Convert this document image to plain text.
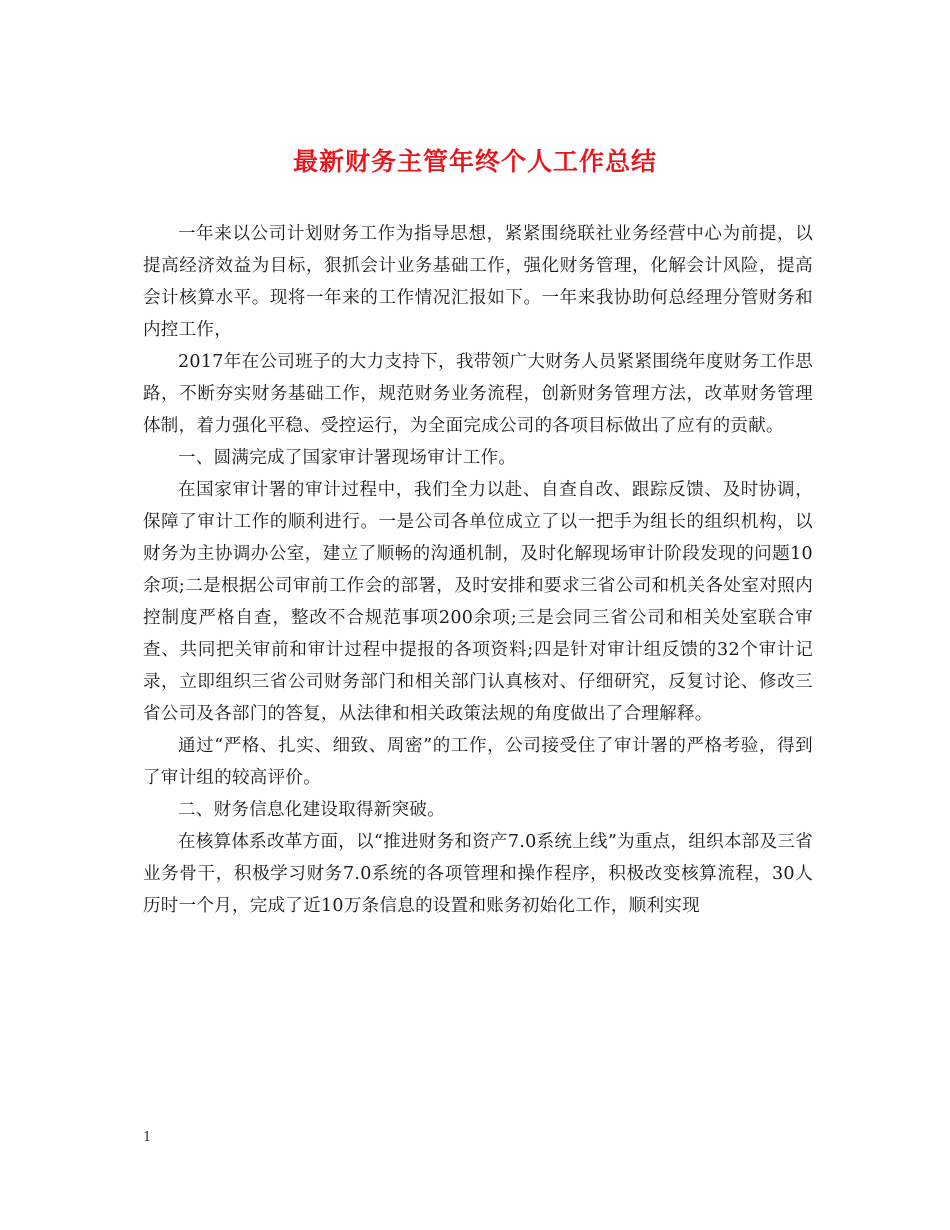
最新财务主管年终个人工作总结

一年来以公司计划财务工作为指导思想，紧紧围绕联社业务经营中心为前提，以提高经济效益为目标，狠抓会计业务基础工作，强化财务管理，化解会计风险，提高会计核算水平。现将一年来的工作情况汇报如下。一年来我协助何总经理分管财务和内控工作，

2017年在公司班子的大力支持下，我带领广大财务人员紧紧围绕年度财务工作思路，不断夯实财务基础工作，规范财务业务流程，创新财务管理方法，改革财务管理体制，着力强化平稳、受控运行，为全面完成公司的各项目标做出了应有的贡献。

一、圆满完成了国家审计署现场审计工作。

在国家审计署的审计过程中，我们全力以赴、自查自改、跟踪反馈、及时协调，保障了审计工作的顺利进行。一是公司各单位成立了以一把手为组长的组织机构，以财务为主协调办公室，建立了顺畅的沟通机制，及时化解现场审计阶段发现的问题10余项;二是根据公司审前工作会的部署，及时安排和要求三省公司和机关各处室对照内控制度严格自查，整改不合规范事项200余项;三是会同三省公司和相关处室联合审查、共同把关审前和审计过程中提报的各项资料;四是针对审计组反馈的32个审计记录，立即组织三省公司财务部门和相关部门认真核对、仔细研究，反复讨论、修改三省公司及各部门的答复，从法律和相关政策法规的角度做出了合理解释。

通过“严格、扎实、细致、周密”的工作，公司接受住了审计署的严格考验，得到了审计组的较高评价。

二、财务信息化建设取得新突破。

在核算体系改革方面，以“推进财务和资产7.0系统上线”为重点，组织本部及三省业务骨干，积极学习财务7.0系统的各项管理和操作程序，积极改变核算流程，30人历时一个月，完成了近10万条信息的设置和账务初始化工作，顺利实现

1
